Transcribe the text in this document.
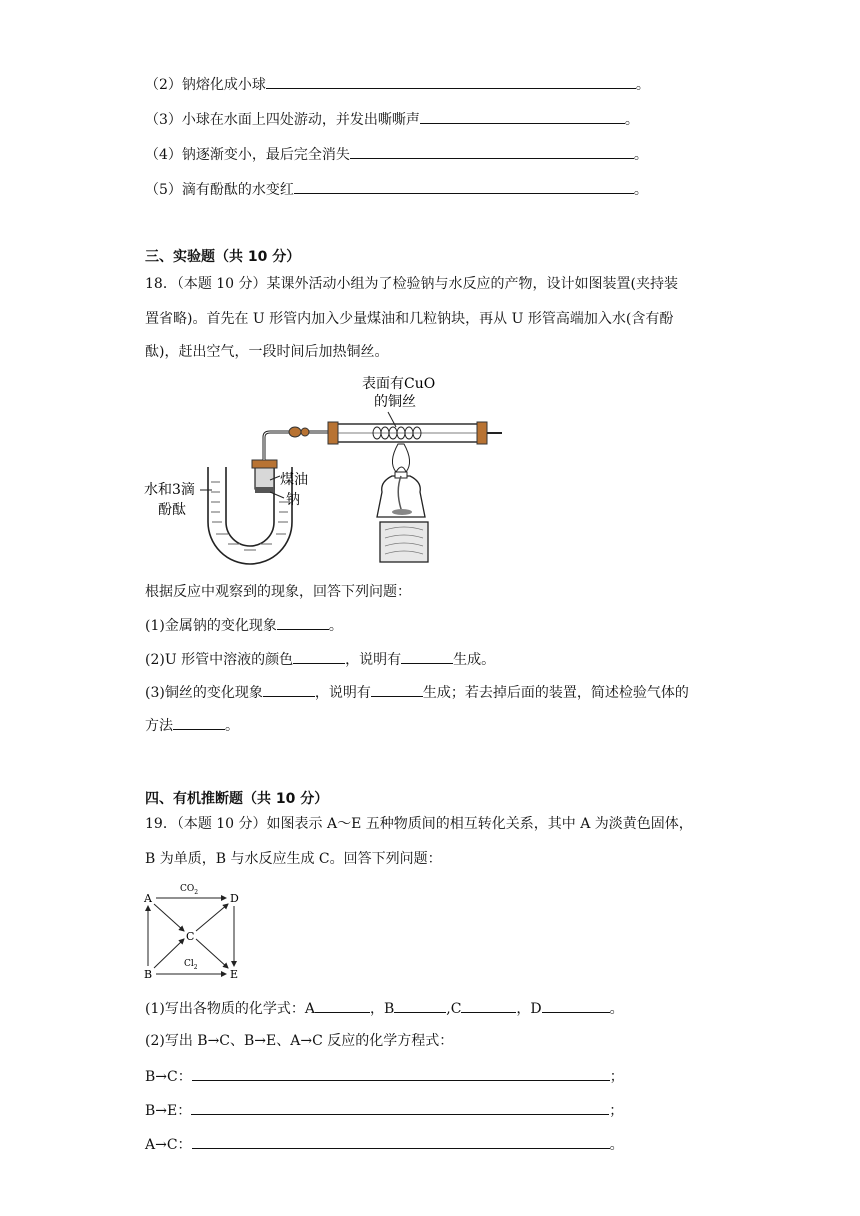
（2）钠熔化成小球	。
（3）小球在水面上四处游动，并发出嘶嘶声	。
（4）钠逐渐变小，最后完全消失	。
（5）滴有酚酞的水变红	。
三、实验题（共 10 分）
18．（本题 10 分）某课外活动小组为了检验钠与水反应的产物，设计如图装置(夹持装
置省略)。首先在 U 形管内加入少量煤油和几粒钠块，再从 U 形管高端加入水(含有酚
酞)，赶出空气，一段时间后加热铜丝。
表面有CuO
的铜丝
水和3滴
酚酞
煤油
钠
根据反应中观察到的现象，回答下列问题：
(1)金属钠的变化现象	。
(2)U 形管中溶液的颜色	，说明有	生成。
(3)铜丝的变化现象	，说明有	生成；若去掉后面的装置，简述检验气体的
方法	。
四、有机推断题（共 10 分）
19．（本题 10 分）如图表示 A～E 五种物质间的相互转化关系，其中 A 为淡黄色固体，
B 为单质，B 与水反应生成 C。回答下列问题：
A	D
B	E
C
$CO_2$
$Cl_2$
(1)写出各物质的化学式：A	，B	,C	，D	。
(2)写出 B→C、B→E、A→C 反应的化学方程式：
B→C：	；
B→E：	；
A→C：	。
